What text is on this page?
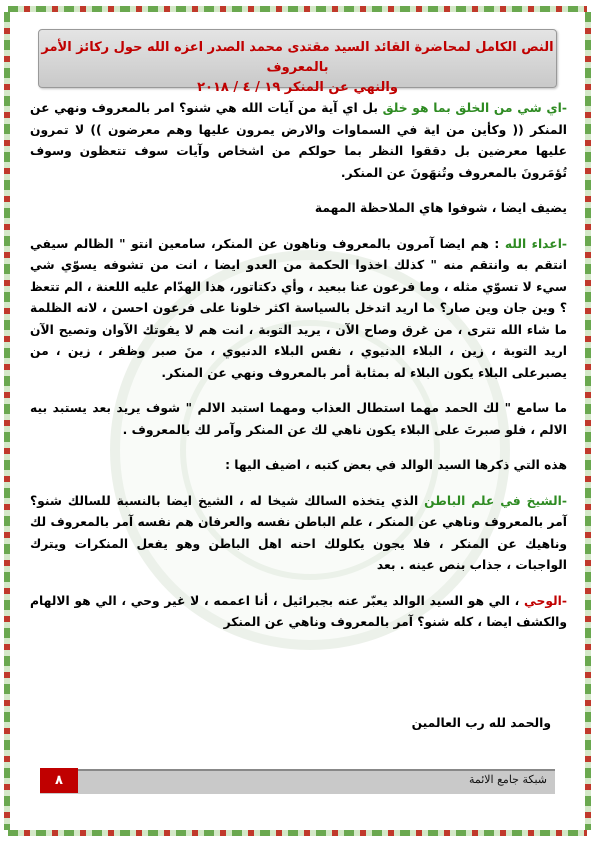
النص الكامل لمحاضرة القائد السيد مقتدى محمد الصدر اعزه الله حول ركائز الأمر بالمعروف
والنهي عن المنكر ١٩ / ٤ / ٢٠١٨

-اي شي من الخلق بما هو خلق بل اي آية من آيات الله هي شنو؟ امر بالمعروف ونهي عن المنكر (( وكأين من اية في السماوات والارض يمرون عليها وهم معرضون )) لا تمرون عليها معرضين بل دققوا النظر بما حولكم من اشخاص وآيات سوف تتعظون وسوف تُؤمَرونَ بالمعروف وتُنهَونَ عن المنكر.

يضيف ايضا ، شوفوا هاي الملاحظة المهمة

-اعداء الله : هم ايضا آمرون بالمعروف وناهون عن المنكر، سامعين انتو " الظالم سيفي انتقم به وانتقم منه " كذلك اخذوا الحكمة من العدو ايضا ، انت من تشوفه يسوّي شي سيء لا تسوّي مثله ، وما فرعون عنا ببعيد ، وأي دكتاتور، هذا الهدّام عليه اللعنة ، الم تتعظ ؟ وين جان وين صار؟ ما اريد اتدخل بالسياسة اكثر خلونا على فرعون احسن ، لانه الظلمة ما شاء الله تترى ، من غرق وصاح الآن ، يريد التوبة ، انت هم لا يفوتك الآوان وتصيح الآن اريد التوبة ، زين ، البلاء الدنيوي ، نفس البلاء الدنيوي ، منَ صبر وظفر ، زين ، من يصبرعلى البلاء يكون البلاء له بمثابة أمر بالمعروف ونهي عن المنكر.

ما سامع " لك الحمد مهما استطال العذاب ومهما استبد الالم " شوف يريد بعد يستبد بيه الالم ، فلو صبرتَ على البلاء يكون ناهي لك عن المنكر وآمر لك بالمعروف .

هذه التي ذكرها السيد الوالد في بعض كتبه ، اضيف اليها :

-الشيخ في علم الباطن الذي يتخذه السالك شيخا له ، الشيخ ايضا بالنسبة للسالك شنو؟ آمر بالمعروف وناهي عن المنكر ، علم الباطن نفسه والعرفان هم نفسه آمر بالمعروف لك وناهيك عن المنكر ، فلا يجون يكلولك احنه اهل الباطن وهو يفعل المنكرات ويترك الواجبات ، جذاب بنص عينه . بعد

-الوحي ، الي هو السيد الوالد يعبّر عنه بجبرائيل ، أنا اعممه ، لا غير وحي ، الي هو الالهام والكشف ايضا ، كله شنو؟ آمر بالمعروف وناهي عن المنكر

والحمد لله رب العالمين
شبكة جامع الائمة
٨
